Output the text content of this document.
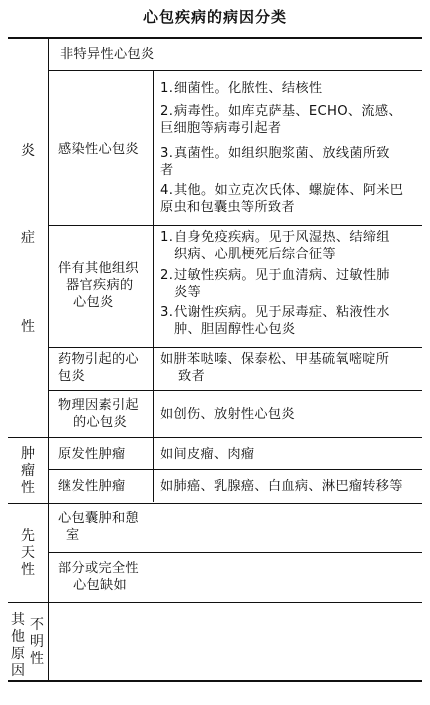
心包疾病的病因分类
炎
症
性
肿
瘤
性
先
天
性
其
他
原
因
不
明
性
非特异性心包炎
感染性心包炎
1.细菌性。化脓性、结核性
2.病毒性。如库克萨基、ECHO、流感、
巨细胞等病毒引起者
3.真菌性。如组织胞浆菌、放线菌所致
者
4.其他。如立克次氏体、螺旋体、阿米巴
原虫和包囊虫等所致者
伴有其他组织
器官疾病的
心包炎
1.自身免疫疾病。见于风湿热、结缔组
织病、心肌梗死后综合征等
2.过敏性疾病。见于血清病、过敏性肺
炎等
3.代谢性疾病。见于尿毒症、粘液性水
肿、胆固醇性心包炎
药物引起的心
包炎
如肼苯哒嗪、保泰松、甲基硫氧嘧啶所
致者
物理因素引起
的心包炎
如创伤、放射性心包炎
原发性肿瘤	如间皮瘤、肉瘤
继发性肿瘤	如肺癌、乳腺癌、白血病、淋巴瘤转移等
心包囊肿和憩
室
部分或完全性
心包缺如
